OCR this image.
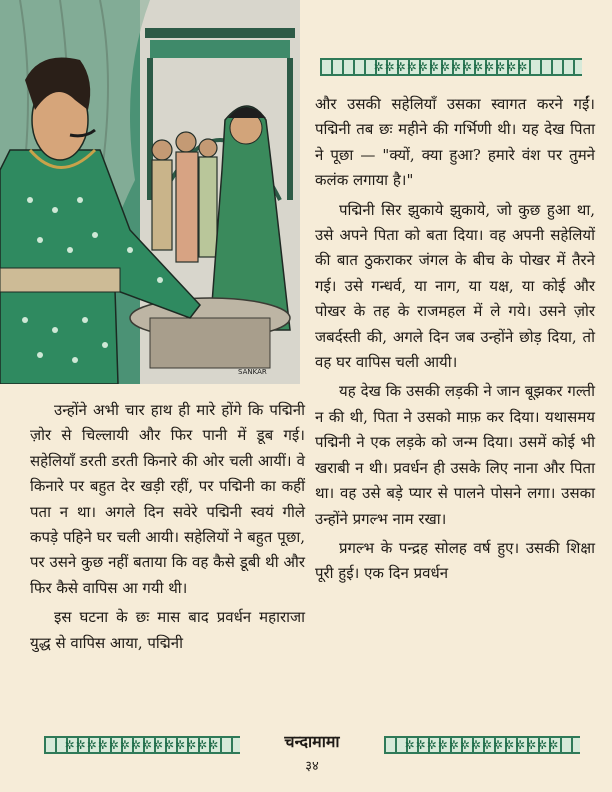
SANKAR
✲✲✲✲✲✲✲✲✲✲✲✲✲✲

और उसकी सहेलियाँ उसका स्वागत करने गईं। पद्मिनी तब छः महीने की गर्भिणी थी। यह देख पिता ने पूछा — "क्यों, क्या हुआ? हमारे वंश पर तुमने कलंक लगाया है।"

पद्मिनी सिर झुकाये झुकाये, जो कुछ हुआ था, उसे अपने पिता को बता दिया। वह अपनी सहेलियों की बात ठुकराकर जंगल के बीच के पोखर में तैरने गई। उसे गन्धर्व, या नाग, या यक्ष, या कोई और पोखर के तह के राजमहल में ले गये। उसने ज़ोर जबर्दस्ती की, अगले दिन जब उन्होंने छोड़ दिया, तो वह घर वापिस चली आयी।

यह देख कि उसकी लड़की ने जान बूझकर गल्ती न की थी, पिता ने उसको माफ़ कर दिया। यथासमय पद्मिनी ने एक लड़के को जन्म दिया। उसमें कोई भी खराबी न थी। प्रवर्धन ही उसके लिए नाना और पिता था। वह उसे बड़े प्यार से पालने पोसने लगा। उसका उन्होंने प्रगल्भ नाम रखा।

प्रगल्भ के पन्द्रह सोलह वर्ष हुए। उसकी शिक्षा पूरी हुई। एक दिन प्रवर्धन

उन्होंने अभी चार हाथ ही मारे होंगे कि पद्मिनी ज़ोर से चिल्लायी और फिर पानी में डूब गई। सहेलियाँ डरती डरती किनारे की ओर चली आयीं। वे किनारे पर बहुत देर खड़ी रहीं, पर पद्मिनी का कहीं पता न था। अगले दिन सवेरे पद्मिनी स्वयं गीले कपड़े पहिने घर चली आयी। सहेलियों ने बहुत पूछा, पर उसने कुछ नहीं बताया कि वह कैसे डूबी थी और फिर कैसे वापिस आ गयी थी।

इस घटना के छः मास बाद प्रवर्धन महाराजा युद्ध से वापिस आया, पद्मिनी

✲✲✲✲✲✲✲✲✲✲✲✲✲✲	चन्दामामा	✲✲✲✲✲✲✲✲✲✲✲✲✲✲
३४
